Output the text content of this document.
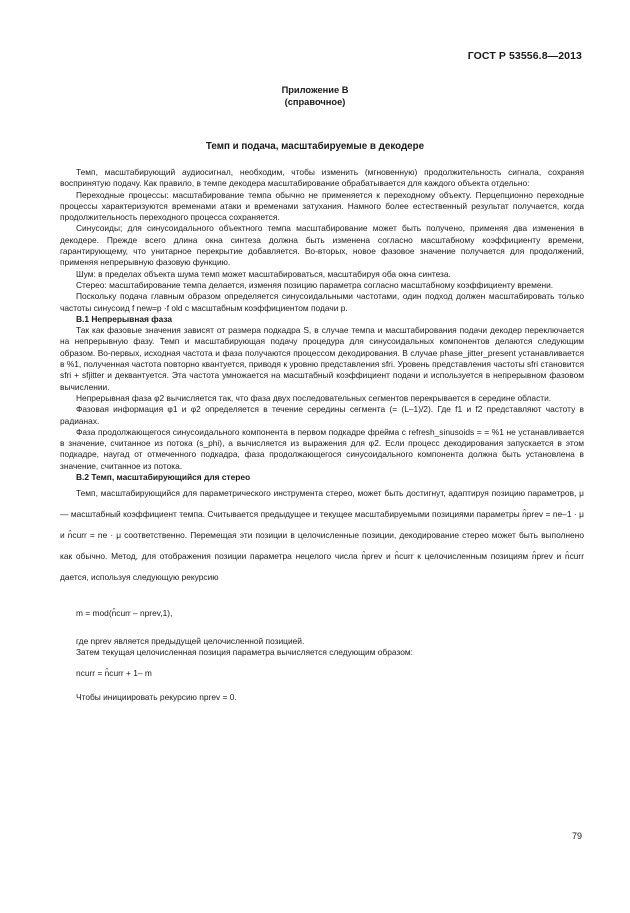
ГОСТ Р 53556.8—2013
Приложение В
(справочное)
Темп и подача, масштабируемые в декодере

Темп, масштабирующий аудиосигнал, необходим, чтобы изменить (мгновенную) продолжительность сигнала, сохраняя воспринятую подачу. Как правило, в темпе декодера масштабирование обрабатывается для каждого объекта отдельно:

Переходные процессы: масштабирование темпа обычно не применяется к переходному объекту. Перцепционно переходные процессы характеризуются временами атаки и временами затухания. Намного более естественный результат получается, когда продолжительность переходного процесса сохраняется.

Синусоиды; для синусоидального объектного темпа масштабирование может быть получено, применяя два изменения в декодере. Прежде всего длина окна синтеза должна быть изменена согласно масштабному коэффициенту времени, гарантирующему, что унитарное перекрытие добавляется. Во-вторых, новое фазовое значение получается для продолжений, применяя непрерывную фазовую функцию.

Шум: в пределах объекта шума темп может масштабироваться, масштабируя оба окна синтеза.

Стерео: масштабирование темпа делается, изменяя позицию параметра согласно масштабному коэффициенту времени.

Поскольку подача главным образом определяется синусоидальными частотами, один подход должен масштабировать только частоты синусоид f new=p ·f old с масштабным коэффициентом подачи p.

В.1 Непрерывная фаза

Так как фазовые значения зависят от размера подкадра S, в случае темпа и масштабирования подачи декодер переключается на непрерывную фазу. Темп и масштабирующая подачу процедура для синусоидальных компонентов делаются следующим образом. Во-первых, исходная частота и фаза получаются процессом декодирования. В случае phase_jitter_present устанавливается в %1, полученная частота повторно квантуется, приводя к уровню представления sfri. Уровень представления частоты sfri становится sfri + sfjitter и деквантуется. Эта частота умножается на масштабный коэффициент подачи и используется в непрерывном фазовом вычислении.

Непрерывная фаза φ2 вычисляется так, что фаза двух последовательных сегментов перекрывается в середине области.

Фазовая информация φ1 и φ2 определяется в течение середины сегмента (= (L–1)/2). Где f1 и f2 представляют частоту в радианах.

Фаза продолжающегося синусоидального компонента в первом подкадре фрейма с refresh_sinusoids = = %1 не устанавливается в значение, считанное из потока (s_phi), а вычисляется из выражения для φ2. Если процесс декодирования запускается в этом подкадре, наугад от отмеченного подкадра, фаза продолжающегося синусоидального компонента должна быть установлена в значение, считанное из потока.

В.2 Темп, масштабирующийся для стерео

Темп, масштабирующийся для параметрического инструмента стерео, может быть достигнут, адаптируя позицию параметров, μ — масштабный коэффициент темпа. Считывается предыдущее и текущее масштабируемыми позициями параметры n̂prev = ne–1 · μ и n̂curr = ne · μ соответственно. Перемещая эти позиции в целочисленные позиции, декодирование стерео может быть выполнено как обычно. Метод, для отображения позиции параметра нецелого числа n̂prev и n̂curr к целочисленным позициям n̂prev и n̂curr дается, используя следующую рекурсию

m = mod(n̂curr – nprev,1),

где nprev является предыдущей целочисленной позицией.

Затем текущая целочисленная позиция параметра вычисляется следующим образом:

ncurr = n̂curr + 1– m

Чтобы инициировать рекурсию nprev = 0.

79
